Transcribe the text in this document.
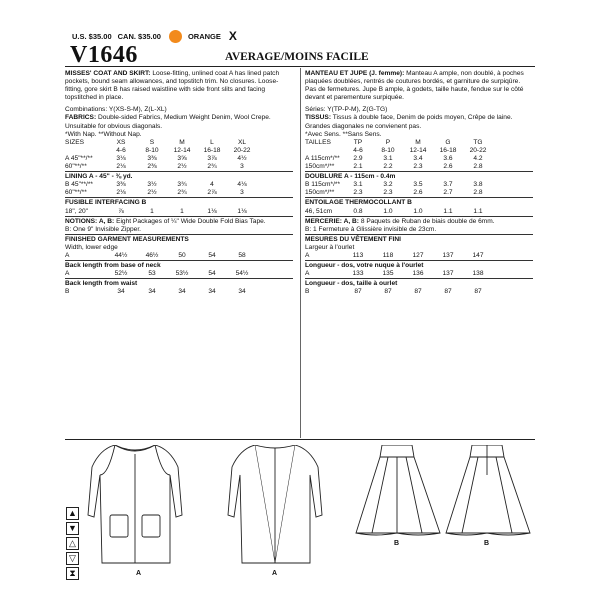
U.S. $35.00 CAN. $35.00	ORANGE X
V1646	AVERAGE/MOINS FACILE

MISSES' COAT AND SKIRT: Loose-fitting, unlined coat A has lined patch pockets, bound seam allowances, and topstitch trim. No closures. Loose-fitting, gore skirt B has raised waistline with side front slits and facing topstitched in place.

Combinations: Y(XS-S-M), Z(L-XL)

FABRICS: Double-sided Fabrics, Medium Weight Denim, Wool Crepe.

Unsuitable for obvious diagonals.

*With Nap. **Without Nap.

SIZES	XS	S	M	L	XL
4-6	8-10	12-14	16-18	20-22
A 45"**/**	3⅛	3⅜	3⅝	3⅞	4½
60"**/**	2⅛	2⅜	2½	2¾	3

LINING A - 45" - ⅜ yd.

B 45"**/**	3⅜	3½	3¾	4	4⅛
60"**/**	2⅛	2½	2¾	2⅞	3

FUSIBLE INTERFACING B

18", 20"	⅞	1	1	1⅛	1⅛

NOTIONS: A, B: Eight Packages of ¼" Wide Double Fold Bias Tape.

B: One 9" Invisible Zipper.

FINISHED GARMENT MEASUREMENTS

Width, lower edge

A	44½	46½	50	54	58

Back length from base of neck

A	52½	53	53½	54	54½

Back length from waist

B	34	34	34	34	34

MANTEAU ET JUPE (J. femme): Manteau A ample, non doublé, à poches plaquées doublées, rentrés de coutures bordés, et garniture de surpiqûre. Pas de fermetures. Jupe B ample, à godets, taille haute, fendue sur le côté devant et parementure surpiquée.

Séries: Y(TP-P-M), Z(G-TG)

TISSUS: Tissus à double face, Denim de poids moyen, Crêpe de laine.

Grandes diagonales ne convienent pas.

*Avec Sens. **Sans Sens.

TAILLES	TP	P	M	G	TG
4-6	8-10	12-14	16-18	20-22
A 115cm*/**	2.9	3.1	3.4	3.6	4.2
150cm*/**	2.1	2.2	2.3	2.6	2.8

DOUBLURE A - 115cm - 0.4m

B 115cm*/**	3.1	3.2	3.5	3.7	3.8
150cm*/**	2.3	2.3	2.6	2.7	2.8

ENTOILAGE THERMOCOLLANT B

46, 51cm	0.8	1.0	1.0	1.1	1.1

MERCERIE: A, B: 8 Paquets de Ruban de biais double de 6mm.

B: 1 Fermeture à Glissière invisible de 23cm.

MESURES DU VÊTEMENT FINI

Largeur à l'ourlet

A	113	118	127	137	147

Longueur - dos, votre nuque à l'ourlet

A	133	135	136	137	138

Longueur - dos, taille à ourlet

B	87	87	87	87	87
A	A
B	B
▲
▼
△
▽
⧗
